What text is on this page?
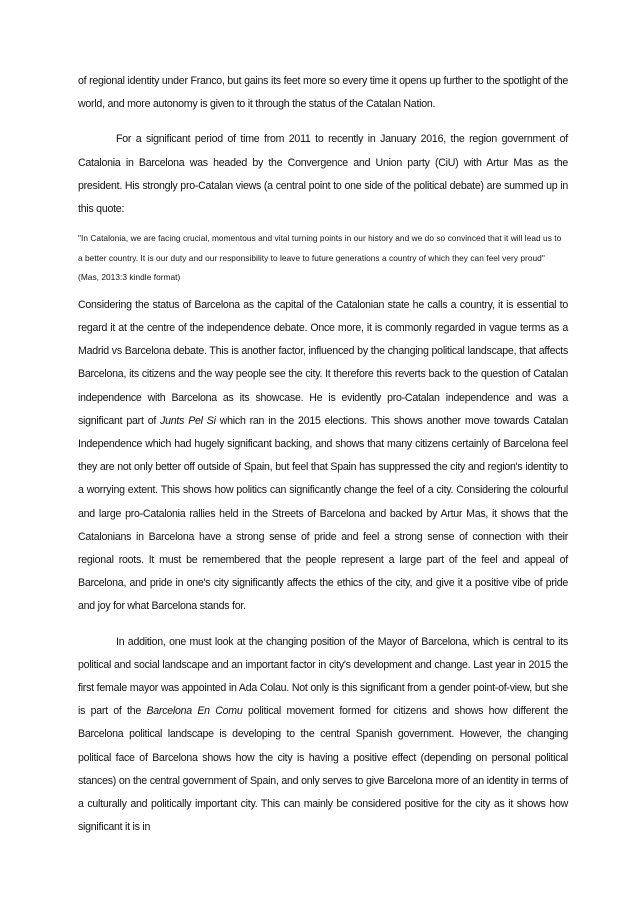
of regional identity under Franco, but gains its feet more so every time it opens up further to the spotlight of the world, and more autonomy is given to it through the status of the Catalan Nation.

For a significant period of time from 2011 to recently in January 2016, the region government of Catalonia in Barcelona was headed by the Convergence and Union party (CiU) with Artur Mas as the president. His strongly pro-Catalan views (a central point to one side of the political debate) are summed up in this quote:

"In Catalonia, we are facing crucial, momentous and vital turning points in our history and we do so convinced that it will lead us to a better country. It is our duty and our responsibility to leave to future generations a country of which they can feel very proud" (Mas, 2013:3 kindle format)

Considering the status of Barcelona as the capital of the Catalonian state he calls a country, it is essential to regard it at the centre of the independence debate. Once more, it is commonly regarded in vague terms as a Madrid vs Barcelona debate. This is another factor, influenced by the changing political landscape, that affects Barcelona, its citizens and the way people see the city. It therefore this reverts back to the question of Catalan independence with Barcelona as its showcase. He is evidently pro-Catalan independence and was a significant part of Junts Pel Si which ran in the 2015 elections. This shows another move towards Catalan Independence which had hugely significant backing, and shows that many citizens certainly of Barcelona feel they are not only better off outside of Spain, but feel that Spain has suppressed the city and region's identity to a worrying extent. This shows how politics can significantly change the feel of a city. Considering the colourful and large pro-Catalonia rallies held in the Streets of Barcelona and backed by Artur Mas, it shows that the Catalonians in Barcelona have a strong sense of pride and feel a strong sense of connection with their regional roots. It must be remembered that the people represent a large part of the feel and appeal of Barcelona, and pride in one's city significantly affects the ethics of the city, and give it a positive vibe of pride and joy for what Barcelona stands for.

In addition, one must look at the changing position of the Mayor of Barcelona, which is central to its political and social landscape and an important factor in city's development and change. Last year in 2015 the first female mayor was appointed in Ada Colau. Not only is this significant from a gender point-of-view, but she is part of the Barcelona En Comu political movement formed for citizens and shows how different the Barcelona political landscape is developing to the central Spanish government. However, the changing political face of Barcelona shows how the city is having a positive effect (depending on personal political stances) on the central government of Spain, and only serves to give Barcelona more of an identity in terms of a culturally and politically important city. This can mainly be considered positive for the city as it shows how significant it is in
